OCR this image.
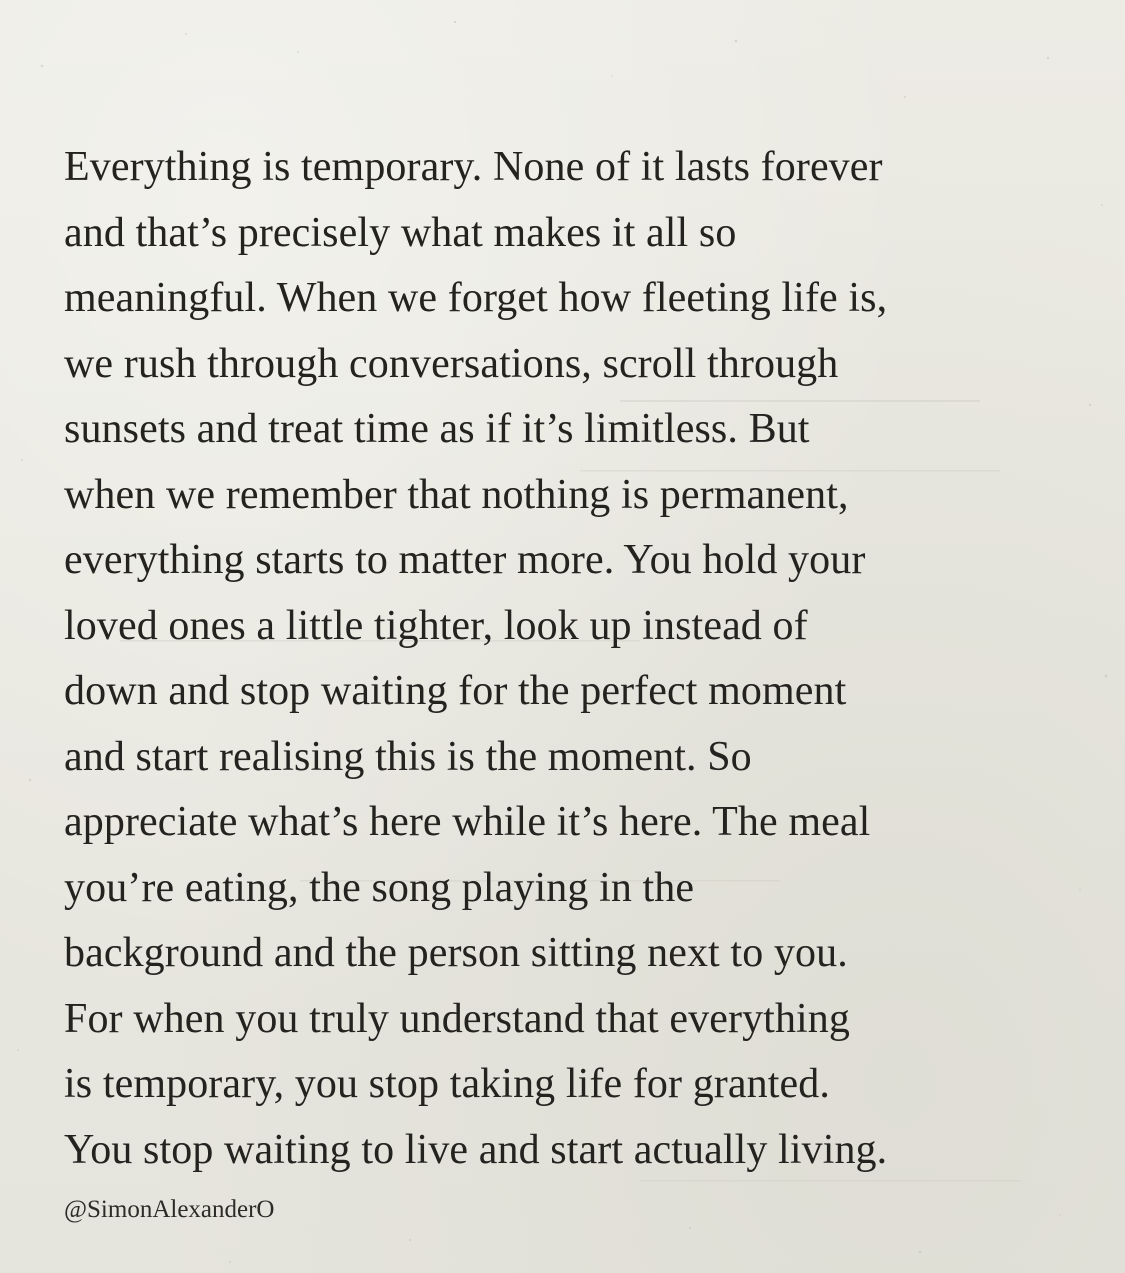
Everything is temporary. None of it lasts forever
and that’s precisely what makes it all so
meaningful. When we forget how fleeting life is,
we rush through conversations, scroll through
sunsets and treat time as if it’s limitless. But
when we remember that nothing is permanent,
everything starts to matter more. You hold your
loved ones a little tighter, look up instead of
down and stop waiting for the perfect moment
and start realising this is the moment. So
appreciate what’s here while it’s here. The meal
you’re eating, the song playing in the
background and the person sitting next to you.
For when you truly understand that everything
is temporary, you stop taking life for granted.
You stop waiting to live and start actually living.

@SimonAlexanderO
